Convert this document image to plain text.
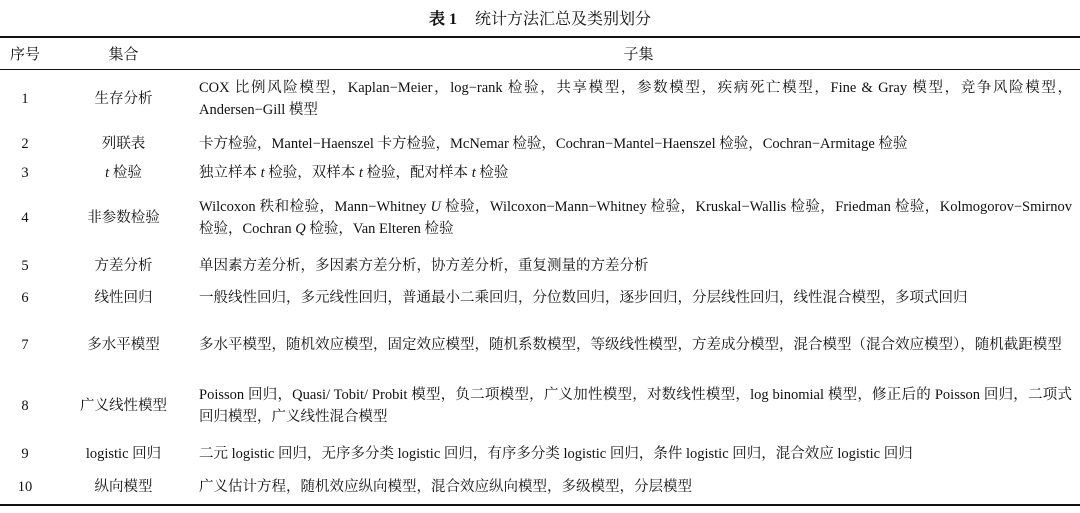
表 1 统计方法汇总及类别划分
序号	集合	子集
1	生存分析	COX 比例风险模型，Kaplan−Meier，log−rank 检验，共享模型，参数模型，疾病死亡模型，Fine & Gray 模型，竞争风险模型，Andersen−Gill 模型
2	列联表	卡方检验，Mantel−Haenszel 卡方检验，McNemar 检验，Cochran−Mantel−Haenszel 检验，Cochran−Armitage 检验
3	t 检验	独立样本 t 检验，双样本 t 检验，配对样本 t 检验
4	非参数检验	Wilcoxon 秩和检验，Mann−Whitney U 检验，Wilcoxon−Mann−Whitney 检验，Kruskal−Wallis 检验，Friedman 检验，Kolmogorov−Smirnov 检验，Cochran Q 检验，Van Elteren 检验
5	方差分析	单因素方差分析，多因素方差分析，协方差分析，重复测量的方差分析
6	线性回归	一般线性回归，多元线性回归，普通最小二乘回归，分位数回归，逐步回归，分层线性回归，线性混合模型，多项式回归
7	多水平模型	多水平模型，随机效应模型，固定效应模型，随机系数模型，等级线性模型，方差成分模型，混合模型（混合效应模型），随机截距模型
8	广义线性模型	Poisson 回归，Quasi/ Tobit/ Probit 模型，负二项模型，广义加性模型，对数线性模型，log binomial 模型，修正后的 Poisson 回归，二项式回归模型，广义线性混合模型
9	logistic 回归	二元 logistic 回归，无序多分类 logistic 回归，有序多分类 logistic 回归，条件 logistic 回归，混合效应 logistic 回归
10	纵向模型	广义估计方程，随机效应纵向模型，混合效应纵向模型，多级模型，分层模型
